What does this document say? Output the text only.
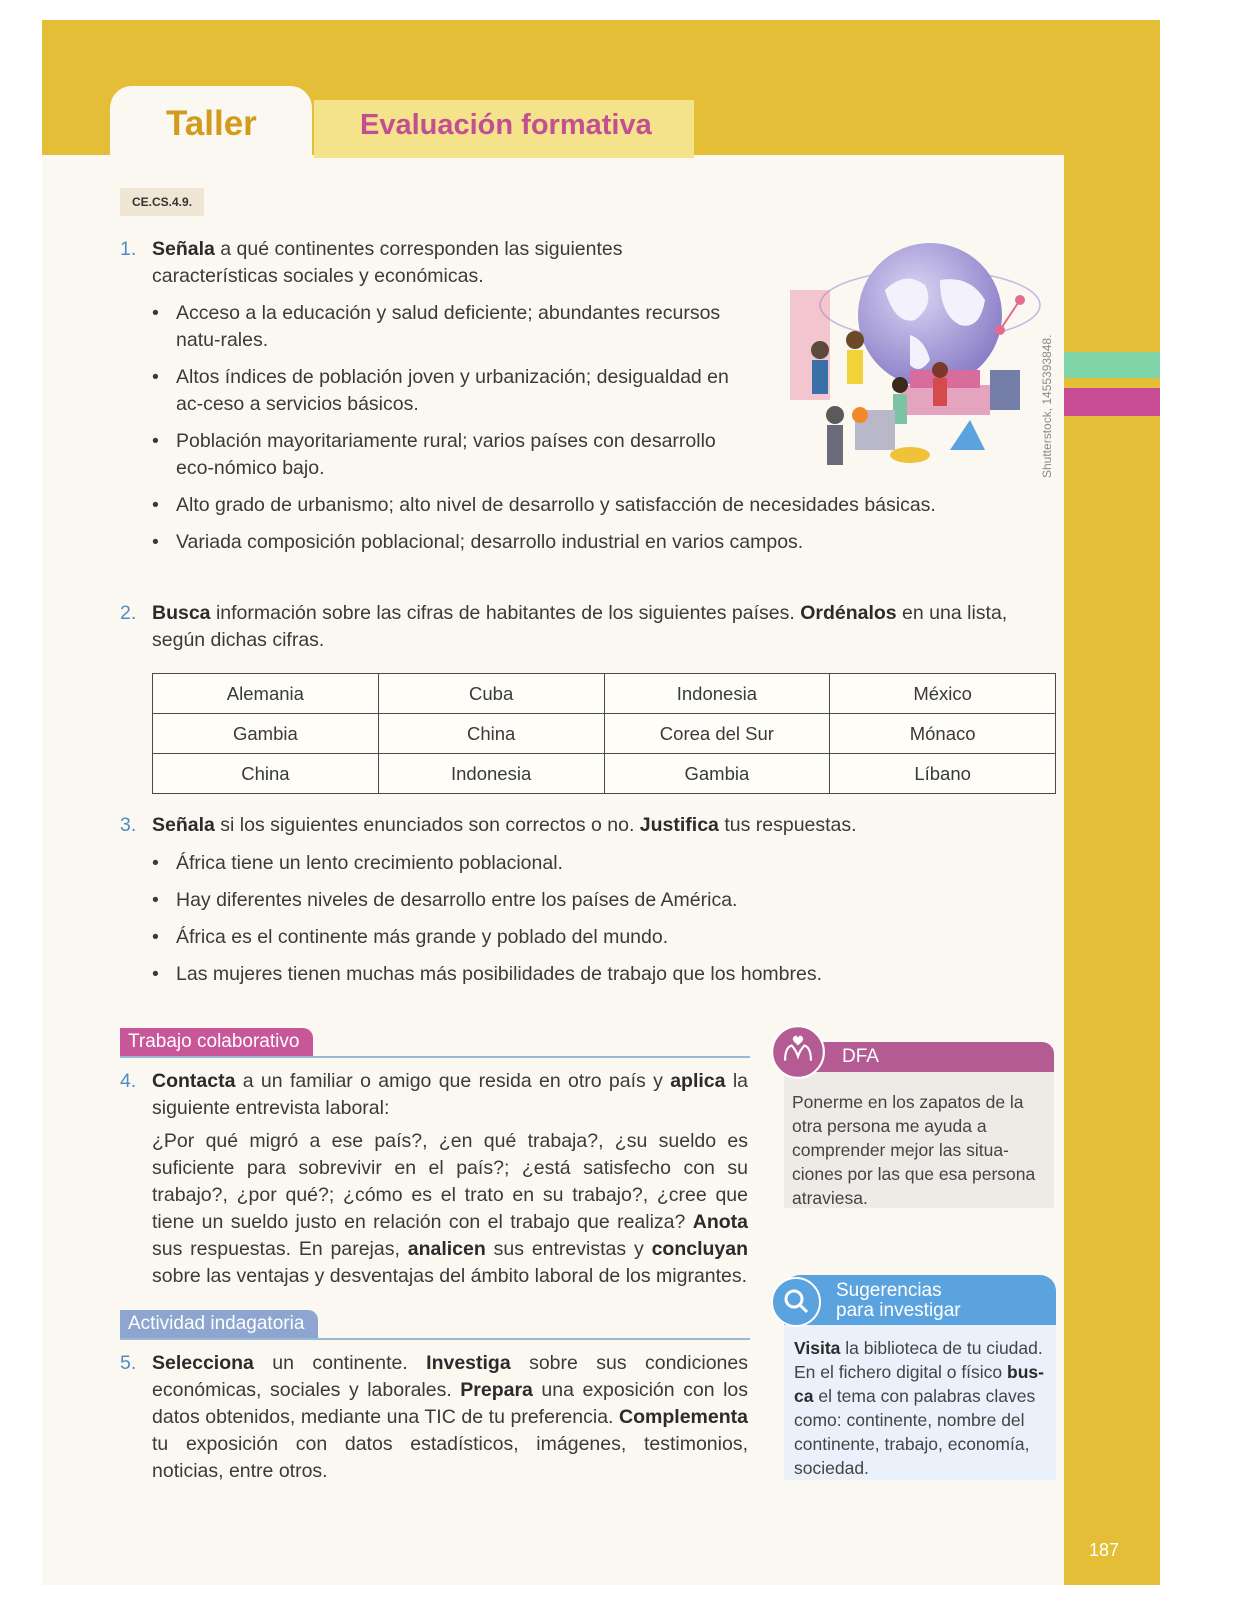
Taller	Evaluación formativa
Shutterstock, 1455393848.
CE.CS.4.9.
1. Señala a qué continentes corresponden las siguientes características sociales y económicas.
• Acceso a la educación y salud deficiente; abundantes recursos natu-rales.
• Altos índices de población joven y urbanización; desigualdad en ac-ceso a servicios básicos.
• Población mayoritariamente rural; varios países con desarrollo eco-nómico bajo.
• Alto grado de urbanismo; alto nivel de desarrollo y satisfacción de necesidades básicas.
• Variada composición poblacional; desarrollo industrial en varios campos.
2. Busca información sobre las cifras de habitantes de los siguientes países. Ordénalos en una lista, según dichas cifras.
Alemania	Cuba	Indonesia	México
Gambia	China	Corea del Sur	Mónaco
China	Indonesia	Gambia	Líbano
3. Señala si los siguientes enunciados son correctos o no. Justifica tus respuestas.
• África tiene un lento crecimiento poblacional.
• Hay diferentes niveles de desarrollo entre los países de América.
• África es el continente más grande y poblado del mundo.
• Las mujeres tienen muchas más posibilidades de trabajo que los hombres.
Trabajo colaborativo
4. Contacta a un familiar o amigo que resida en otro país y aplica la siguiente entrevista laboral:
¿Por qué migró a ese país?, ¿en qué trabaja?, ¿su sueldo es suficiente para sobrevivir en el país?; ¿está satisfecho con su trabajo?, ¿por qué?; ¿cómo es el trato en su trabajo?, ¿cree que tiene un sueldo justo en relación con el trabajo que realiza? Anota sus respuestas. En parejas, analicen sus entrevistas y concluyan sobre las ventajas y desventajas del ámbito laboral de los migrantes.
Actividad indagatoria
5. Selecciona un continente. Investiga sobre sus condiciones económicas, sociales y laborales. Prepara una exposición con los datos obtenidos, mediante una TIC de tu preferencia. Complementa tu exposición con datos estadísticos, imágenes, testimonios, noticias, entre otros.
DFA
Ponerme en los zapatos de la otra persona me ayuda a comprender mejor las situa-ciones por las que esa persona atraviesa.
Sugerencias
para investigar
Visita la biblioteca de tu ciudad. En el fichero digital o físico bus-ca el tema con palabras claves como: continente, nombre del continente, trabajo, economía, sociedad.
187
